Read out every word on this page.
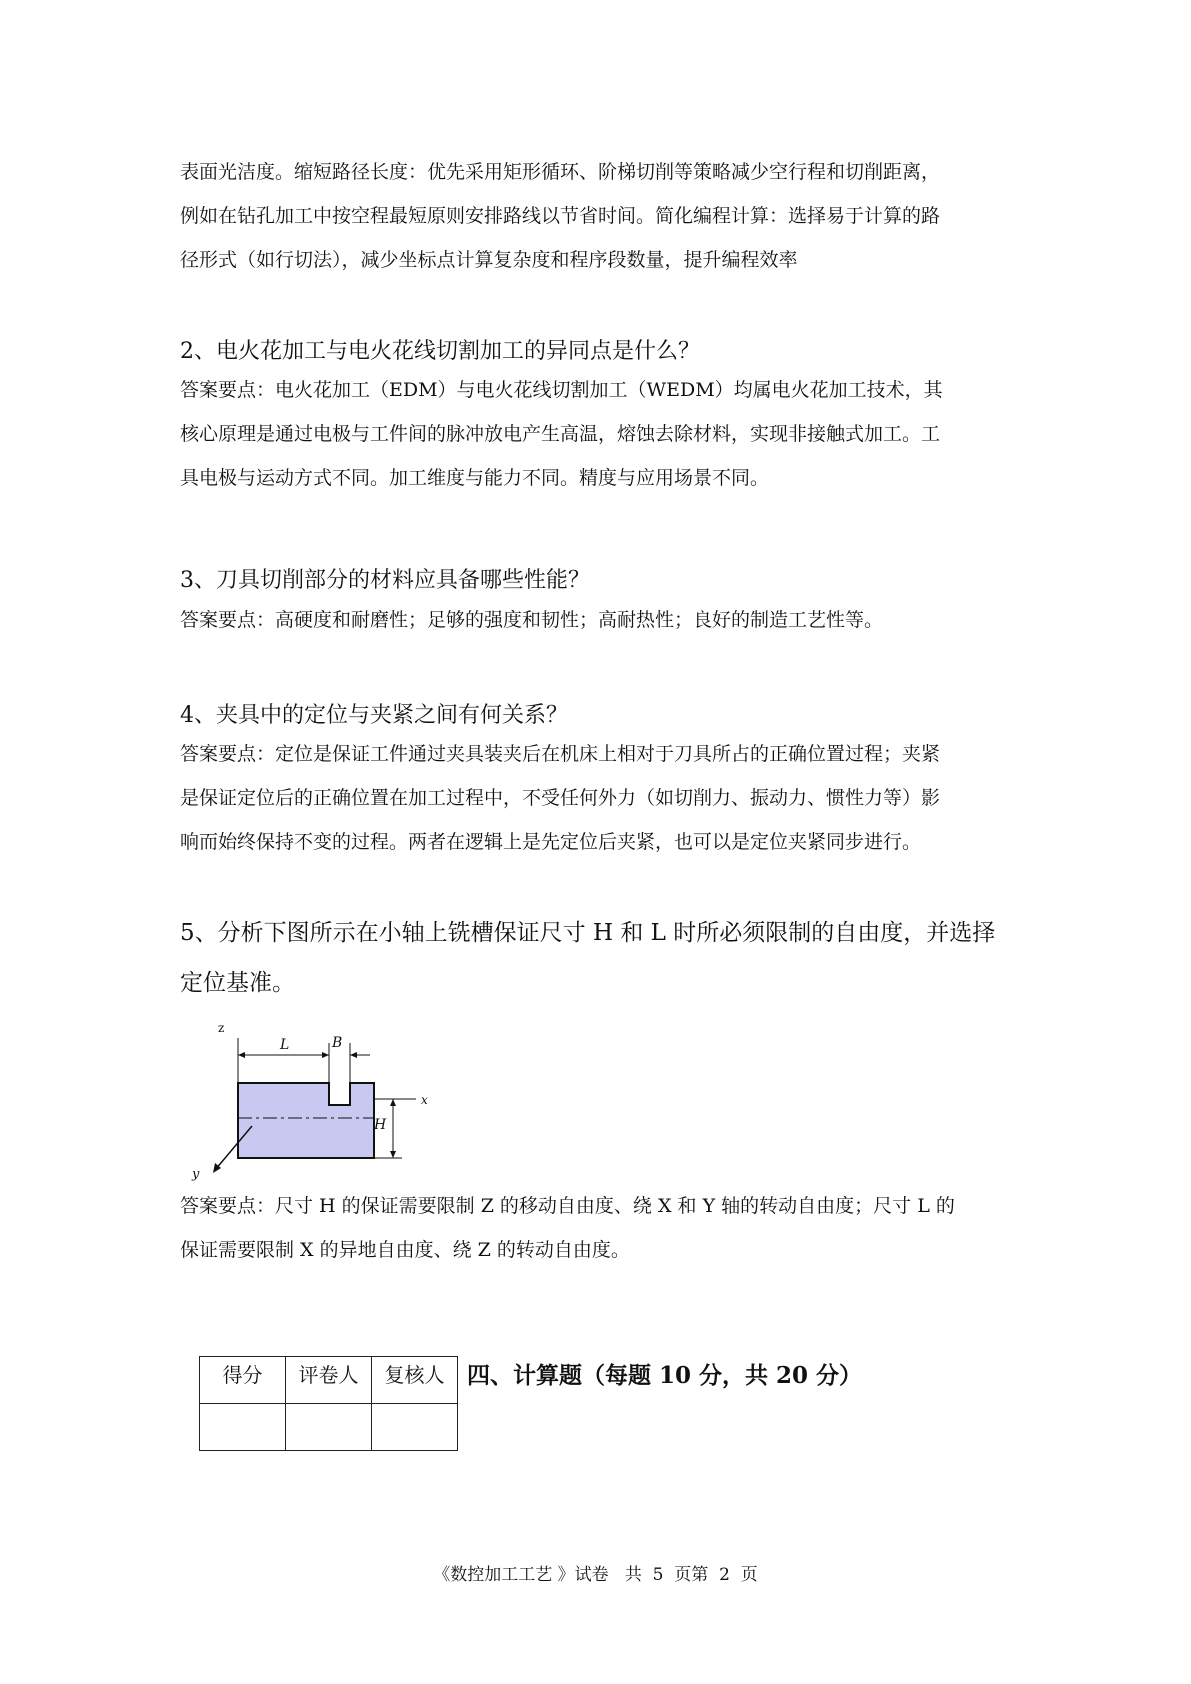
表面光洁度。缩短路径长度：优先采用矩形循环、阶梯切削等策略减少空行程和切削距离，

例如在钻孔加工中按空程最短原则安排路线以节省时间。简化编程计算：选择易于计算的路

径形式（如行切法），减少坐标点计算复杂度和程序段数量，提升编程效率

2、电火花加工与电火花线切割加工的异同点是什么？

答案要点：电火花加工（EDM）与电火花线切割加工（WEDM）均属电火花加工技术，其

核心原理是通过电极与工件间的脉冲放电产生高温，熔蚀去除材料，实现非接触式加工。工

具电极与运动方式不同。加工维度与能力不同。精度与应用场景不同。

3、刀具切削部分的材料应具备哪些性能？

答案要点：高硬度和耐磨性；足够的强度和韧性；高耐热性；良好的制造工艺性等。

4、夹具中的定位与夹紧之间有何关系？

答案要点：定位是保证工件通过夹具装夹后在机床上相对于刀具所占的正确位置过程；夹紧

是保证定位后的正确位置在加工过程中，不受任何外力（如切削力、振动力、惯性力等）影

响而始终保持不变的过程。两者在逻辑上是先定位后夹紧，也可以是定位夹紧同步进行。

5、分析下图所示在小轴上铣槽保证尺寸 H 和 L 时所必须限制的自由度，并选择

定位基准。

z
L	B
x
H
y

答案要点：尺寸 H 的保证需要限制 Z 的移动自由度、绕 X 和 Y 轴的转动自由度；尺寸 L 的

保证需要限制 X 的异地自由度、绕 Z 的转动自由度。

得分	评卷人	复核人
		四、计算题（每题 10 分，共 20 分）

《数控加工工艺 》试卷   共  5  页第  2  页
